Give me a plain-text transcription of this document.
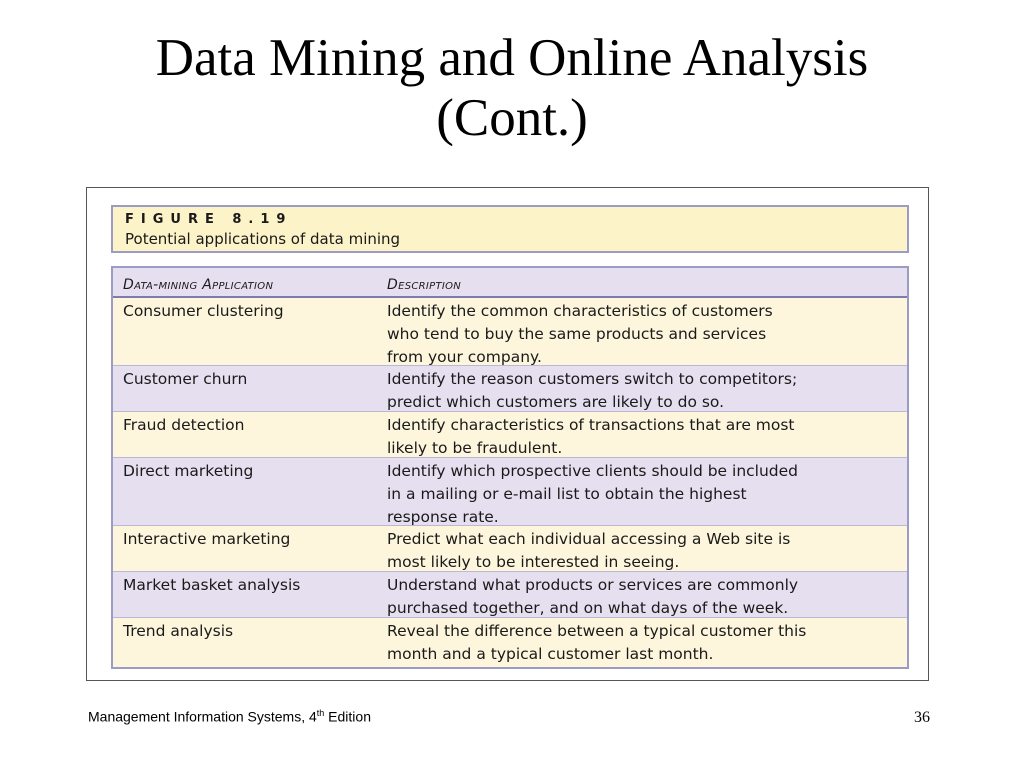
Data Mining and Online Analysis
(Cont.)
FIGURE 8.19
Potential applications of data mining
Data-mining Application	Description
Consumer clustering	Identify the common characteristics of customers
who tend to buy the same products and services
from your company.
Customer churn	Identify the reason customers switch to competitors;
predict which customers are likely to do so.
Fraud detection	Identify characteristics of transactions that are most
likely to be fraudulent.
Direct marketing	Identify which prospective clients should be included
in a mailing or e-mail list to obtain the highest
response rate.
Interactive marketing	Predict what each individual accessing a Web site is
most likely to be interested in seeing.
Market basket analysis	Understand what products or services are commonly
purchased together, and on what days of the week.
Trend analysis	Reveal the difference between a typical customer this
month and a typical customer last month.
Management Information Systems, 4th Edition	36
